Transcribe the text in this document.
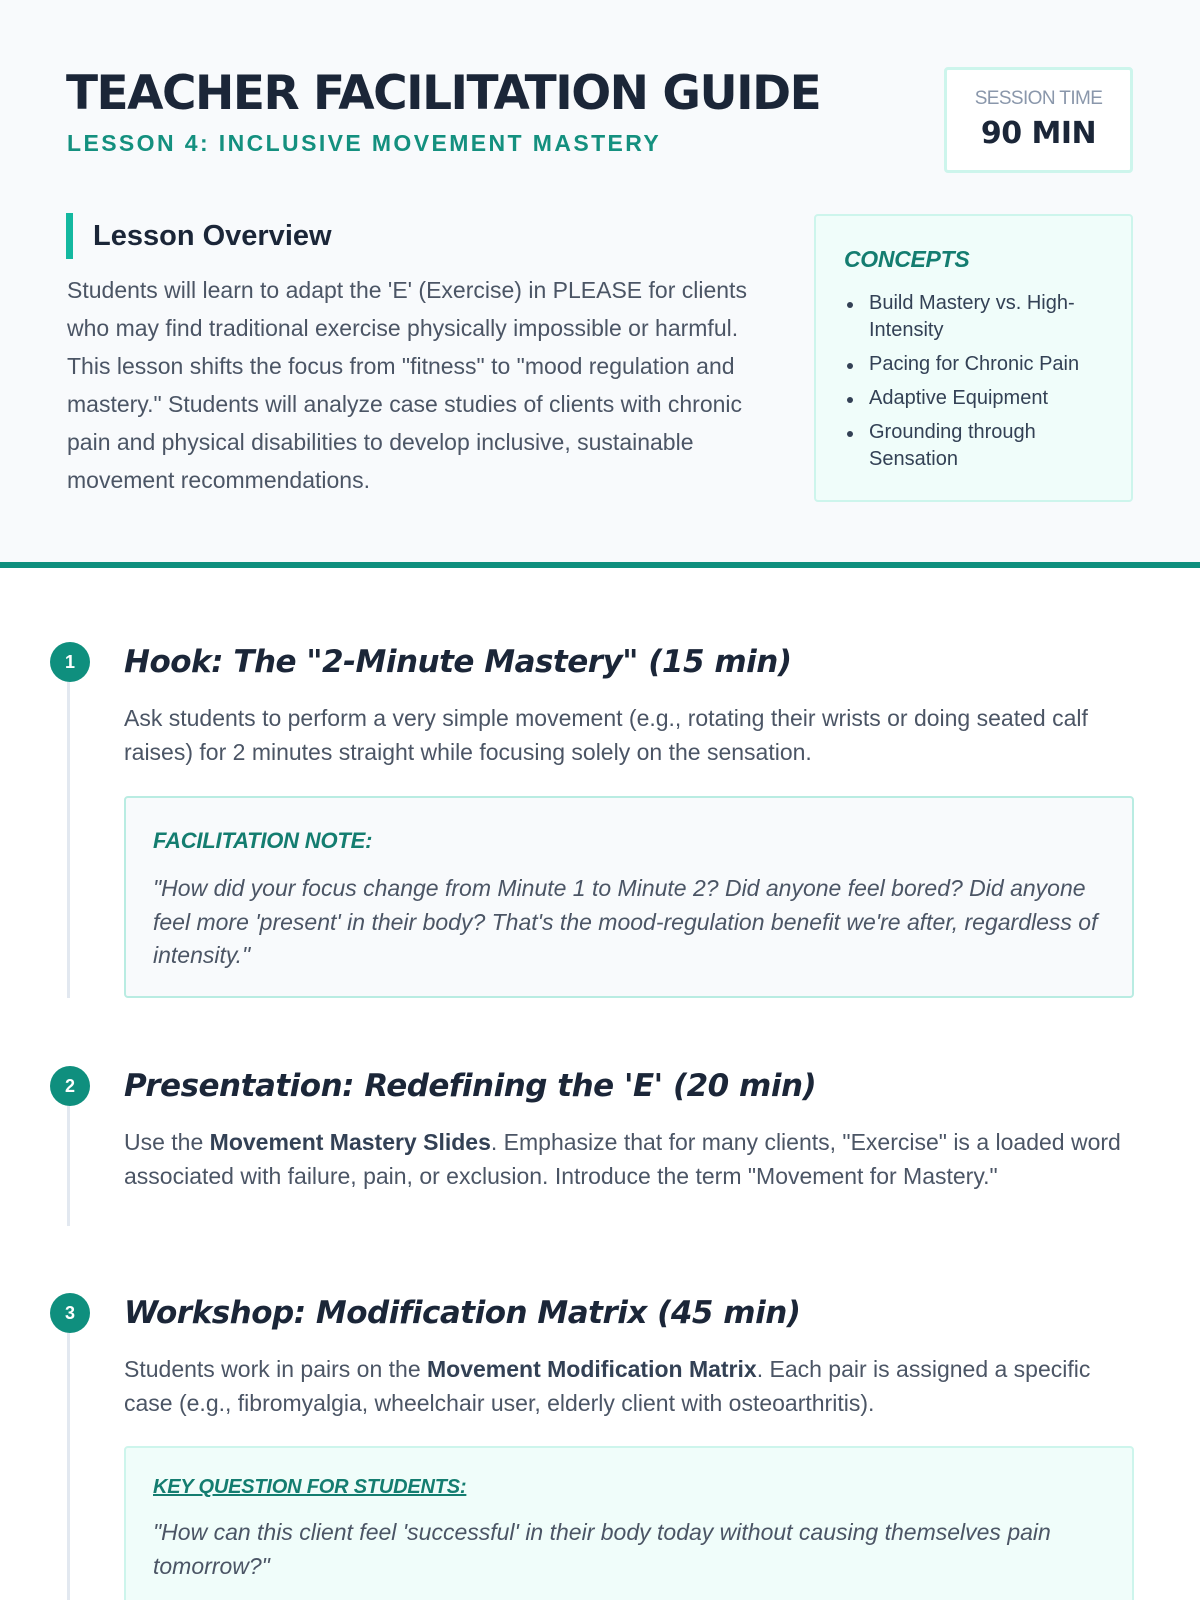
TEACHER FACILITATION GUIDE
LESSON 4: INCLUSIVE MOVEMENT MASTERY
SESSION TIME
90 MIN
Lesson Overview

Students will learn to adapt the 'E' (Exercise) in PLEASE for clients who may find traditional exercise physically impossible or harmful. This lesson shifts the focus from "fitness" to "mood regulation and mastery." Students will analyze case studies of clients with chronic pain and physical disabilities to develop inclusive, sustainable movement recommendations.

CONCEPTS
Build Mastery vs. High-Intensity
Pacing for Chronic Pain
Adaptive Equipment
Grounding through Sensation
1	Hook: The "2-Minute Mastery" (15 min)

Ask students to perform a very simple movement (e.g., rotating their wrists or doing seated calf raises) for 2 minutes straight while focusing solely on the sensation.

FACILITATION NOTE:
"How did your focus change from Minute 1 to Minute 2? Did anyone feel bored? Did anyone feel more 'present' in their body? That's the mood-regulation benefit we're after, regardless of intensity."
2	Presentation: Redefining the 'E' (20 min)

Use the Movement Mastery Slides. Emphasize that for many clients, "Exercise" is a loaded word associated with failure, pain, or exclusion. Introduce the term "Movement for Mastery."

3	Workshop: Modification Matrix (45 min)

Students work in pairs on the Movement Modification Matrix. Each pair is assigned a specific case (e.g., fibromyalgia, wheelchair user, elderly client with osteoarthritis).

KEY QUESTION FOR STUDENTS:
"How can this client feel 'successful' in their body today without causing themselves pain tomorrow?"
